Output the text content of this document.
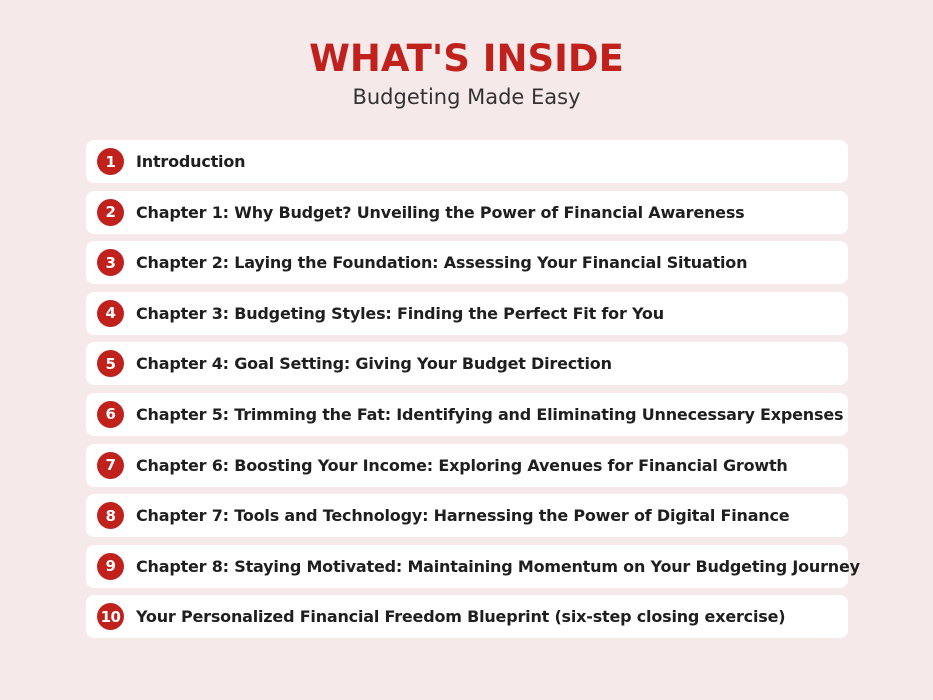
WHAT'S INSIDE
Budgeting Made Easy
1	Introduction
2	Chapter 1: Why Budget? Unveiling the Power of Financial Awareness
3	Chapter 2: Laying the Foundation: Assessing Your Financial Situation
4	Chapter 3: Budgeting Styles: Finding the Perfect Fit for You
5	Chapter 4: Goal Setting: Giving Your Budget Direction
6	Chapter 5: Trimming the Fat: Identifying and Eliminating Unnecessary Expenses
7	Chapter 6: Boosting Your Income: Exploring Avenues for Financial Growth
8	Chapter 7: Tools and Technology: Harnessing the Power of Digital Finance
9	Chapter 8: Staying Motivated: Maintaining Momentum on Your Budgeting Journey
10 Your Personalized Financial Freedom Blueprint (six-step closing exercise)
